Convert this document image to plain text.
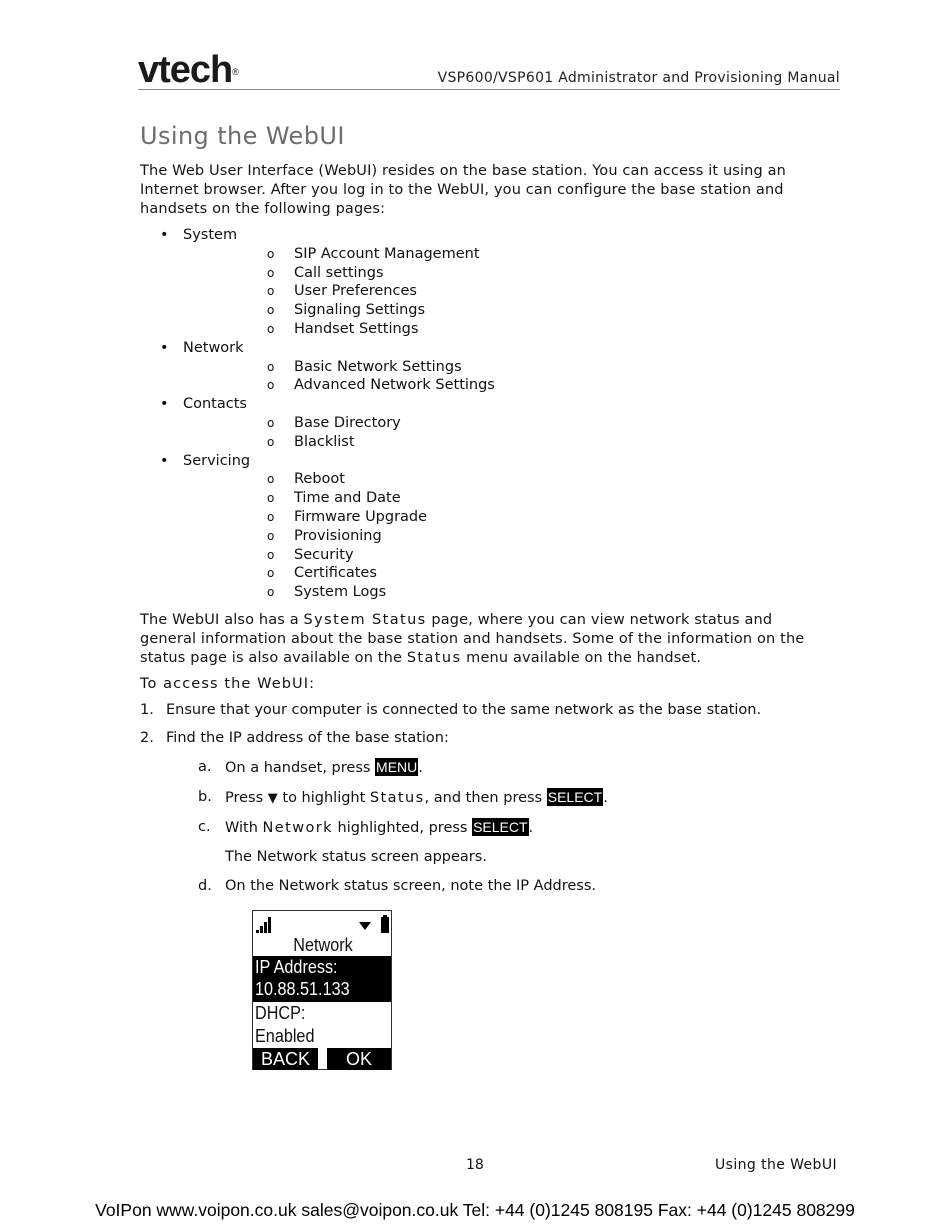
vtech®	VSP600/VSP601 Administrator and Provisioning Manual
Using the WebUI

The Web User Interface (WebUI) resides on the base station. You can access it using an Internet browser. After you log in to the WebUI, you can configure the base station and handsets on the following pages:

• System
o SIP Account Management
o Call settings
o User Preferences
o Signaling Settings
o Handset Settings
• Network
o Basic Network Settings
o Advanced Network Settings
• Contacts
o Base Directory
o Blacklist
• Servicing
o Reboot
o Time and Date
o Firmware Upgrade
o Provisioning
o Security
o Certificates
o System Logs

The WebUI also has a System Status page, where you can view network status and general information about the base station and handsets. Some of the information on the status page is also available on the Status menu available on the handset.

To access the WebUI:

1. Ensure that your computer is connected to the same network as the base station.
2. Find the IP address of the base station:
a. On a handset, press MENU.
b. Press ▼ to highlight Status, and then press SELECT.
c. With Network highlighted, press SELECT.
The Network status screen appears.
d. On the Network status screen, note the IP Address.
Network
IP Address:
10.88.51.133
DHCP:
Enabled
BACK	OK
18	Using the WebUI
VoIPon www.voipon.co.uk sales@voipon.co.uk Tel: +44 (0)1245 808195 Fax: +44 (0)1245 808299
